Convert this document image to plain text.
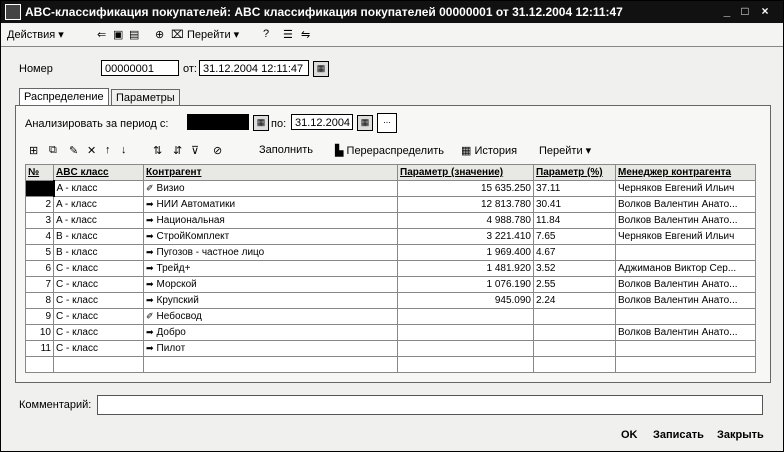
ABC-классификация покупателей: ABC классификация покупателей 00000001 от 31.12.2004 12:11:47	_ □	×
Действия ▾	⇐ ▣ ▤ ⊕ ⌧ Перейти ▾ ? ☰ ⇋
Номер	00000001	от: 31.12.2004 12:11:47	▦
Распределение	Параметры
Анализировать за период с:	▦ по: 31.12.2004	▦	...
⊞ ⧉ ✎ ✕ ↑ ↓ ⇅ ⇵ ⊽ ⊘	Заполнить ▙ Перераспределить ▦ История Перейти ▾
№	ABC класс	Контрагент	Параметр (значение)	Параметр (%)	Менеджер контрагента
1	A - класс	✐ Визио	15 635.250	37.11	Черняков Евгений Ильич
2	A - класс	➡ НИИ Автоматики	12 813.780	30.41	Волков Валентин Анато...
3	A - класс	➡ Национальная	4 988.780	11.84	Волков Валентин Анато...
4	B - класс	➡ СтройКомплект	3 221.410	7.65	Черняков Евгений Ильич
5	B - класс	➡ Пугозов - частное лицо	1 969.400	4.67	
6	C - класс	➡ Трейд+	1 481.920	3.52	Аджиманов Виктор Сер...
7	C - класс	➡ Морской	1 076.190	2.55	Волков Валентин Анато...
8	C - класс	➡ Крупский	945.090	2.24	Волков Валентин Анато...
9	C - класс	✐ Небосвод			
10	C - класс	➡ Добро			Волков Валентин Анато...
11	C - класс	➡ Пилот			

Комментарий:
OK Записать Закрыть
